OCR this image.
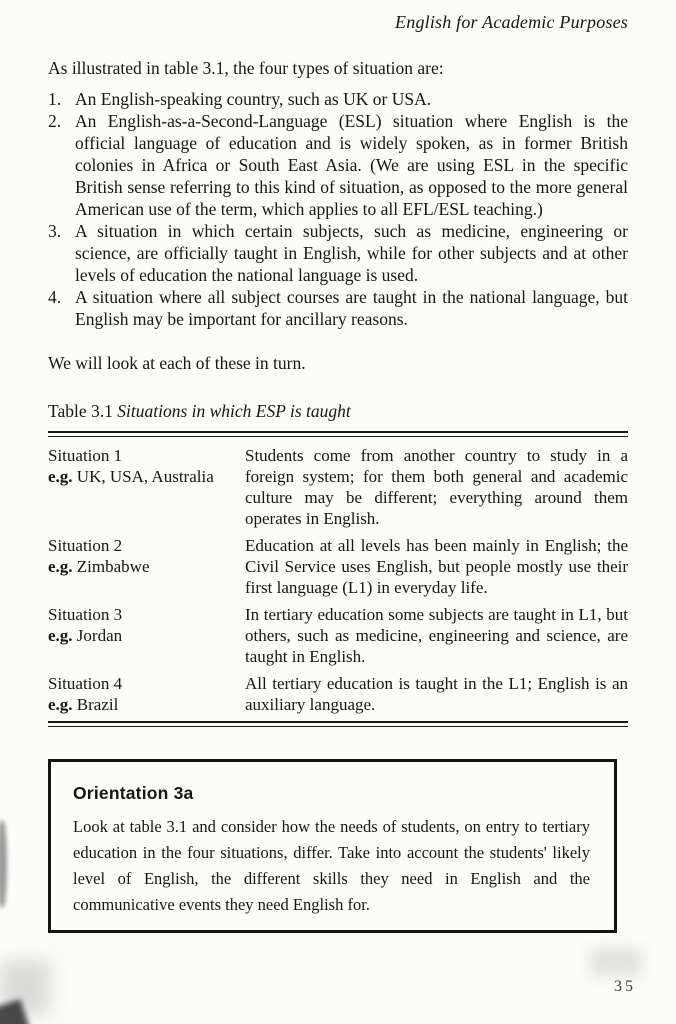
English for Academic Purposes

As illustrated in table 3.1, the four types of situation are:

1. An English-speaking country, such as UK or USA.
2. An English-as-a-Second-Language (ESL) situation where English is the official language of education and is widely spoken, as in former British colonies in Africa or South East Asia. (We are using ESL in the specific British sense referring to this kind of situation, as opposed to the more general American use of the term, which applies to all EFL/ESL teaching.)
3. A situation in which certain subjects, such as medicine, engineering or science, are officially taught in English, while for other subjects and at other levels of education the national language is used.
4. A situation where all subject courses are taught in the national language, but English may be important for ancillary reasons.

We will look at each of these in turn.

Table 3.1 Situations in which ESP is taught

Situation 1
e.g. UK, USA, Australia
Students come from another country to study in a foreign system; for them both general and academic culture may be different; everything around them operates in English.
Situation 2
e.g. Zimbabwe
Education at all levels has been mainly in English; the Civil Service uses English, but people mostly use their first language (L1) in everyday life.
Situation 3
e.g. Jordan
In tertiary education some subjects are taught in L1, but others, such as medicine, engineering and science, are taught in English.
Situation 4
e.g. Brazil
All tertiary education is taught in the L1; English is an auxiliary language.
Orientation 3a

Look at table 3.1 and consider how the needs of students, on entry to tertiary education in the four situations, differ. Take into account the students' likely level of English, the different skills they need in English and the communicative events they need English for.

35
